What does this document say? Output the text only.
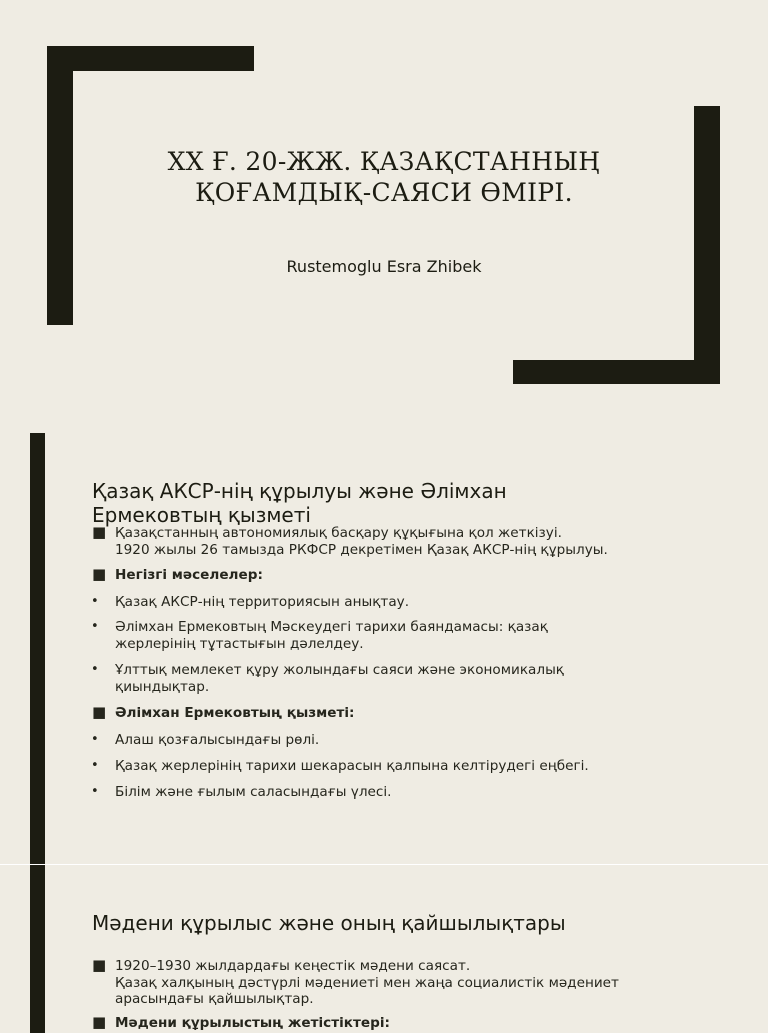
XX Ғ. 20-ЖЖ. ҚАЗАҚСТАННЫҢ
ҚОҒАМДЫҚ-САЯСИ ӨМІРІ.
Rustemoglu Esra Zhibek
Қазақ АКСР-нің құрылуы және Әлімхан
Ермековтың қызметі
■ Қазақстанның автономиялық басқару құқығына қол жеткізуі.
1920 жылы 26 тамызда РКФСР декретімен Қазақ АКСР-нің құрылуы.
■ Негізгі мәселелер:
• Қазақ АКСР-нің территориясын анықтау.
• Әлімхан Ермековтың Мәскеудегі тарихи баяндамасы: қазақ
жерлерінің тұтастығын дәлелдеу.
• Ұлттық мемлекет құру жолындағы саяси және экономикалық
қиындықтар.
■ Әлімхан Ермековтың қызметі:
• Алаш қозғалысындағы рөлі.
• Қазақ жерлерінің тарихи шекарасын қалпына келтірудегі еңбегі.
• Білім және ғылым саласындағы үлесі.
Мәдени құрылыс және оның қайшылықтары
■ 1920–1930 жылдардағы кеңестік мәдени саясат.
Қазақ халқының дәстүрлі мәдениеті мен жаңа социалистік мәдениет
арасындағы қайшылықтар.
■ Мәдени құрылыстың жетістіктері:
